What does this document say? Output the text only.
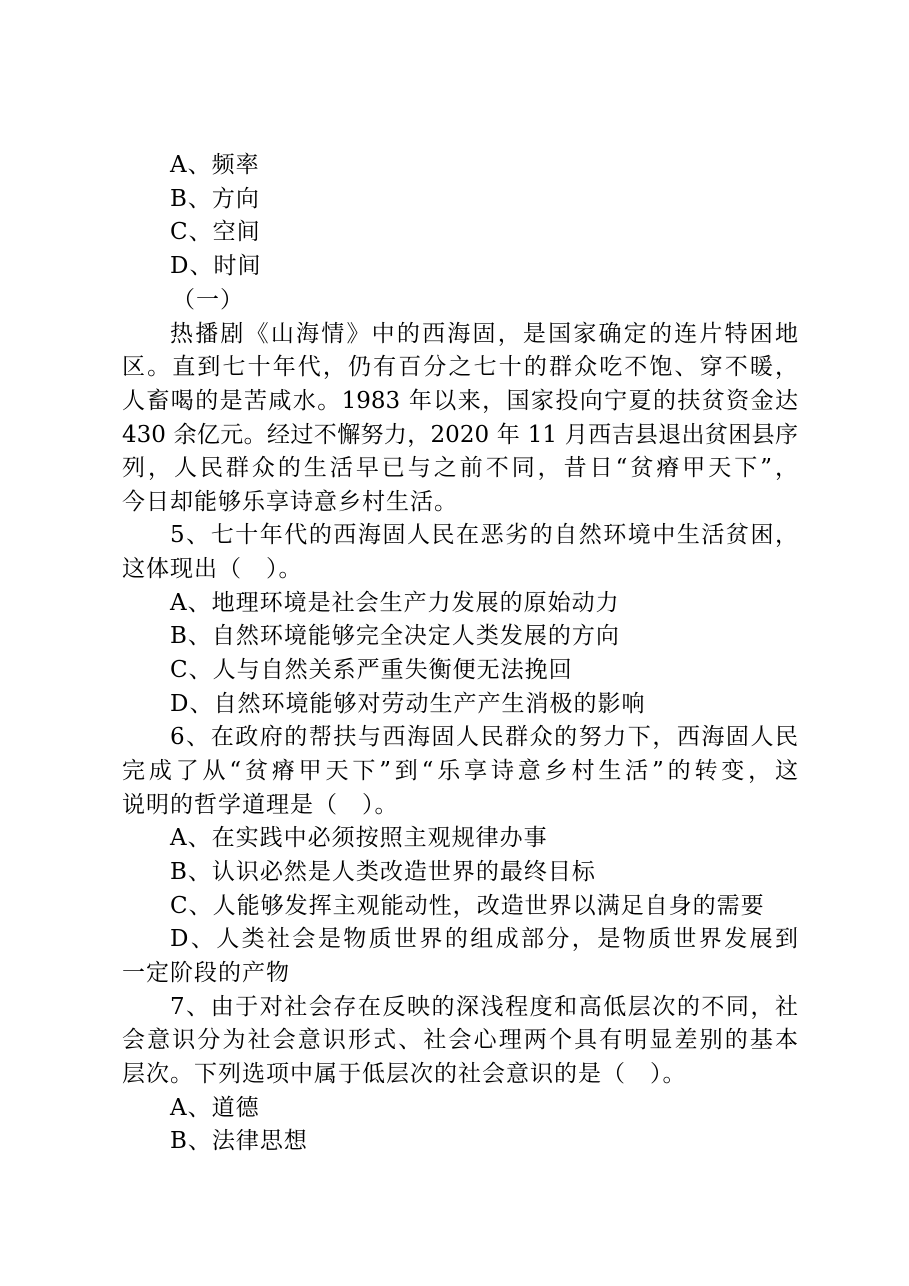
A、频率
B、方向
C、空间
D、时间
（一）
热播剧《山海情》中的西海固，是国家确定的连片特困地
区。直到七十年代，仍有百分之七十的群众吃不饱、穿不暖，
人畜喝的是苦咸水。1983 年以来，国家投向宁夏的扶贫资金达
430 余亿元。经过不懈努力，2020 年 11 月西吉县退出贫困县序
列，人民群众的生活早已与之前不同，昔日“贫瘠甲天下”，
今日却能够乐享诗意乡村生活。
5、七十年代的西海固人民在恶劣的自然环境中生活贫困，
这体现出（　）。
A、地理环境是社会生产力发展的原始动力
B、自然环境能够完全决定人类发展的方向
C、人与自然关系严重失衡便无法挽回
D、自然环境能够对劳动生产产生消极的影响
6、在政府的帮扶与西海固人民群众的努力下，西海固人民
完成了从“贫瘠甲天下”到“乐享诗意乡村生活”的转变，这
说明的哲学道理是（　）。
A、在实践中必须按照主观规律办事
B、认识必然是人类改造世界的最终目标
C、人能够发挥主观能动性，改造世界以满足自身的需要
D、人类社会是物质世界的组成部分，是物质世界发展到
一定阶段的产物
7、由于对社会存在反映的深浅程度和高低层次的不同，社
会意识分为社会意识形式、社会心理两个具有明显差别的基本
层次。下列选项中属于低层次的社会意识的是（　）。
A、道德
B、法律思想
